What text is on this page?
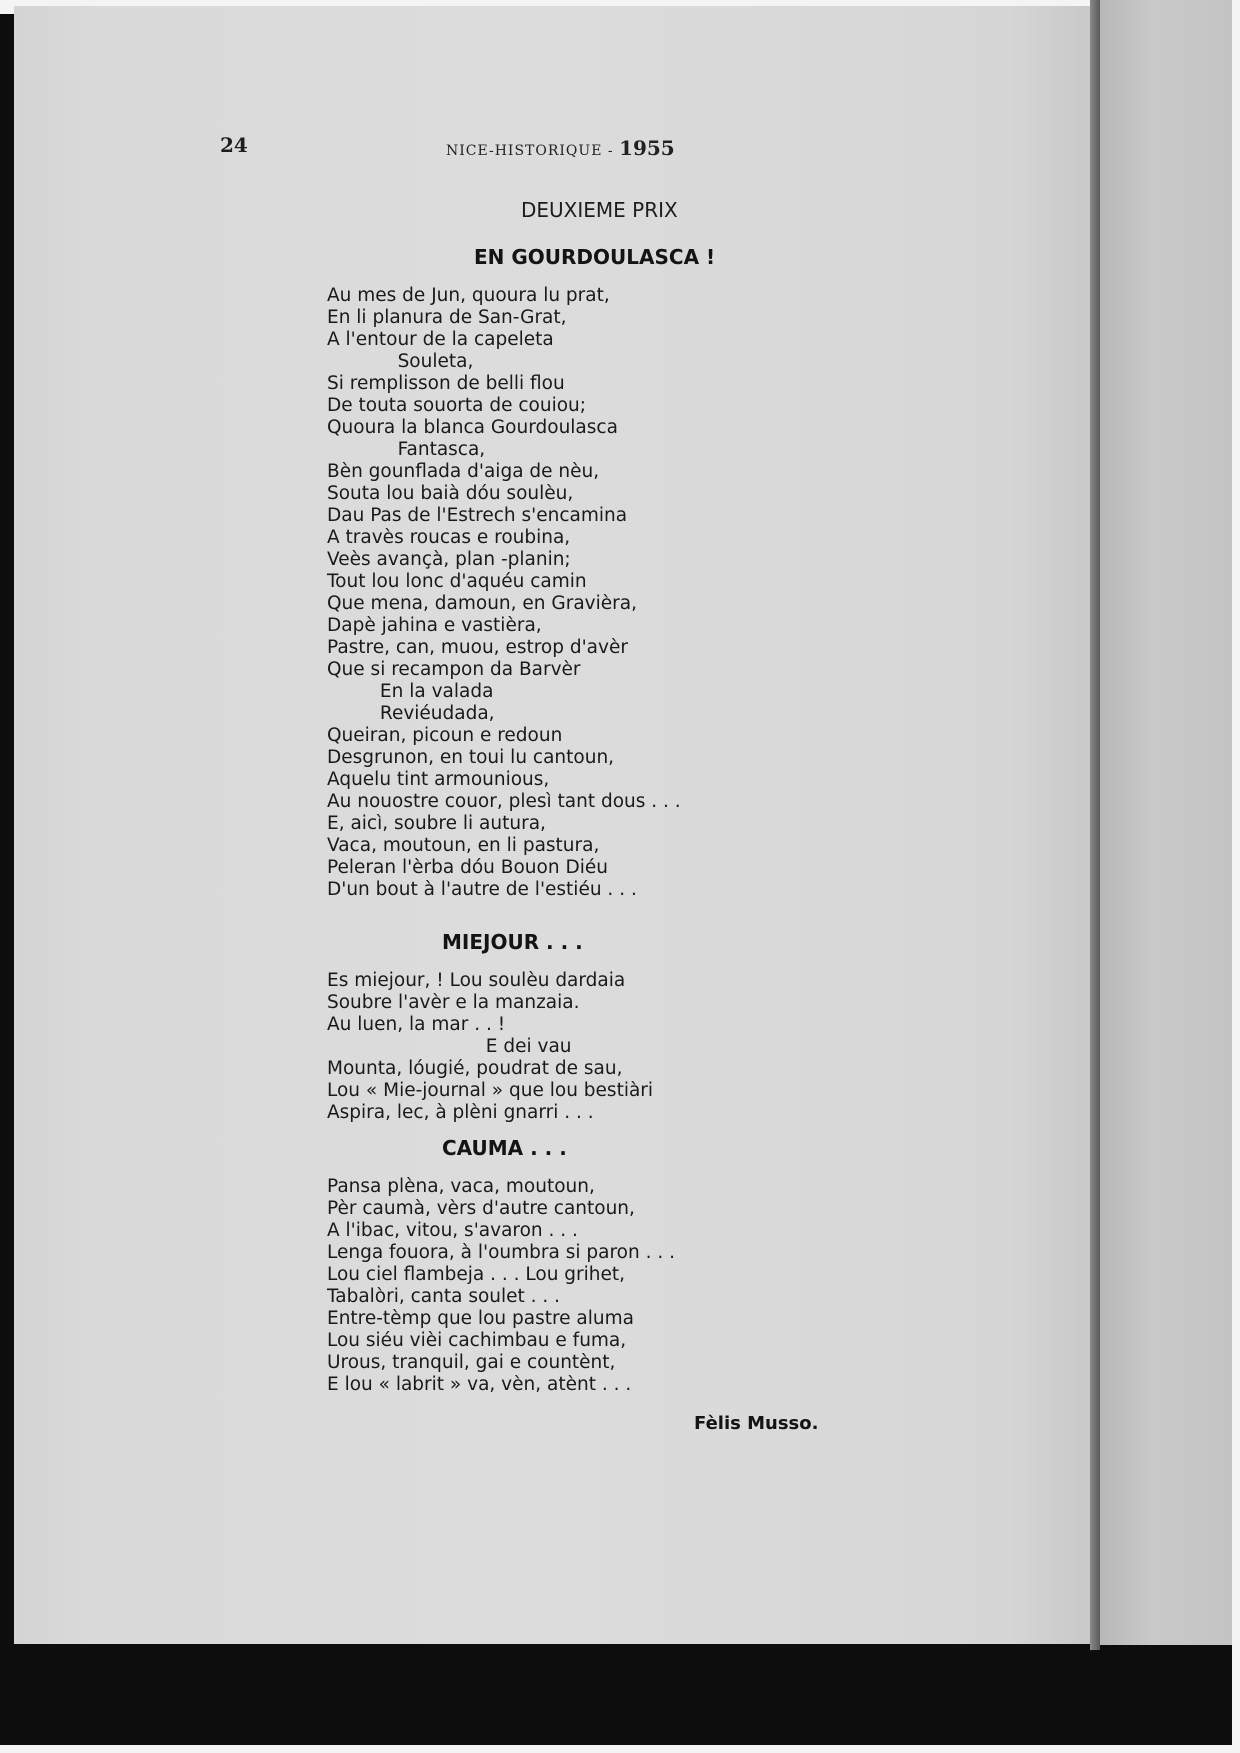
24	NICE-HISTORIQUE - 1955
DEUXIEME PRIX
EN GOURDOULASCA !
Au mes de Jun, quoura lu prat,
En li planura de San-Grat,
A l'entour de la capeleta
Souleta,
Si remplisson de belli flou
De touta souorta de couiou;
Quoura la blanca Gourdoulasca
Fantasca,
Bèn gounflada d'aiga de nèu,
Souta lou baià dóu soulèu,
Dau Pas de l'Estrech s'encamina
A travès roucas e roubina,
Veès avançà, plan -planin;
Tout lou lonc d'aquéu camin
Que mena, damoun, en Gravièra,
Dapè jahina e vastièra,
Pastre, can, muou, estrop d'avèr
Que si recampon da Barvèr
En la valada
Reviéudada,
Queiran, picoun e redoun
Desgrunon, en toui lu cantoun,
Aquelu tint armounious,
Au nouostre couor, plesì tant dous . . .
E, aicì, soubre li autura,
Vaca, moutoun, en li pastura,
Peleran l'èrba dóu Bouon Diéu
D'un bout à l'autre de l'estiéu . . .
MIEJOUR . . .
Es miejour, ! Lou soulèu dardaia
Soubre l'avèr e la manzaia.
Au luen, la mar . . !
E dei vau
Mounta, lóugié, poudrat de sau,
Lou « Mie-journal » que lou bestiàri
Aspira, lec, à plèni gnarri . . .
CAUMA . . .
Pansa plèna, vaca, moutoun,
Pèr caumà, vèrs d'autre cantoun,
A l'ibac, vitou, s'avaron . . .
Lenga fouora, à l'oumbra si paron . . .
Lou ciel flambeja . . . Lou grihet,
Tabalòri, canta soulet . . .
Entre-tèmp que lou pastre aluma
Lou siéu vièi cachimbau e fuma,
Urous, tranquil, gai e countènt,
E lou « labrit » va, vèn, atènt . . .
Fèlis Musso.
